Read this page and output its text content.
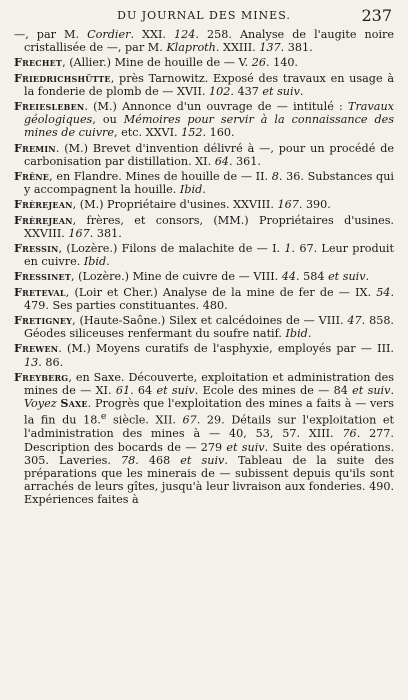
DU JOURNAL DES MINES.	237

—, par M. Cordier. XXI. 124. 258. Analyse de l'augite noire cristallisée de —, par M. Klaproth. XXIII. 137. 381.

Frechet, (Allier.) Mine de houille de — V. 26. 140.

Friedrichshütte, près Tarnowitz. Exposé des travaux en usage à la fonderie de plomb de — XVII. 102. 437 et suiv.

Freiesleben. (M.) Annonce d'un ouvrage de — intitulé : Travaux géologiques, ou Mémoires pour servir à la connaissance des mines de cuivre, etc. XXVI. 152. 160.

Fremin. (M.) Brevet d'invention délivré à —, pour un procédé de carbonisation par distillation. XI. 64. 361.

Frêne, en Flandre. Mines de houille de — II. 8. 36. Substances qui y accompagnent la houille. Ibid.

Frèrejean, (M.) Propriétaire d'usines. XXVIII. 167. 390.

Frèrejean, frères, et consors, (MM.) Propriétaires d'usines. XXVIII. 167. 381.

Fressin, (Lozère.) Filons de malachite de — I. 1. 67. Leur produit en cuivre. Ibid.

Fressinet, (Lozère.) Mine de cuivre de — VIII. 44. 584 et suiv.

Freteval, (Loir et Cher.) Analyse de la mine de fer de — IX. 54. 479. Ses parties constituantes. 480.

Fretigney, (Haute-Saône.) Silex et calcédoines de — VIII. 47. 858. Géodes siliceuses renfermant du soufre natif. Ibid.

Frewen. (M.) Moyens curatifs de l'asphyxie, employés par — III. 13. 86.

Freyberg, en Saxe. Découverte, exploitation et administration des mines de — XI. 61. 64 et suiv. Ecole des mines de — 84 et suiv. Voyez Saxe. Progrès que l'exploitation des mines a faits à — vers la fin du 18.$^e$ siècle. XII. 67. 29. Détails sur l'exploitation et l'administration des mines à — 40, 53, 57. XIII. 76. 277. Description des bocards de — 279 et suiv. Suite des opérations. 305. Laveries. 78. 468 et suiv. Tableau de la suite des préparations que les minerais de — subissent depuis qu'ils sont arrachés de leurs gîtes, jusqu'à leur livraison aux fonderies. 490. Expériences faites à
